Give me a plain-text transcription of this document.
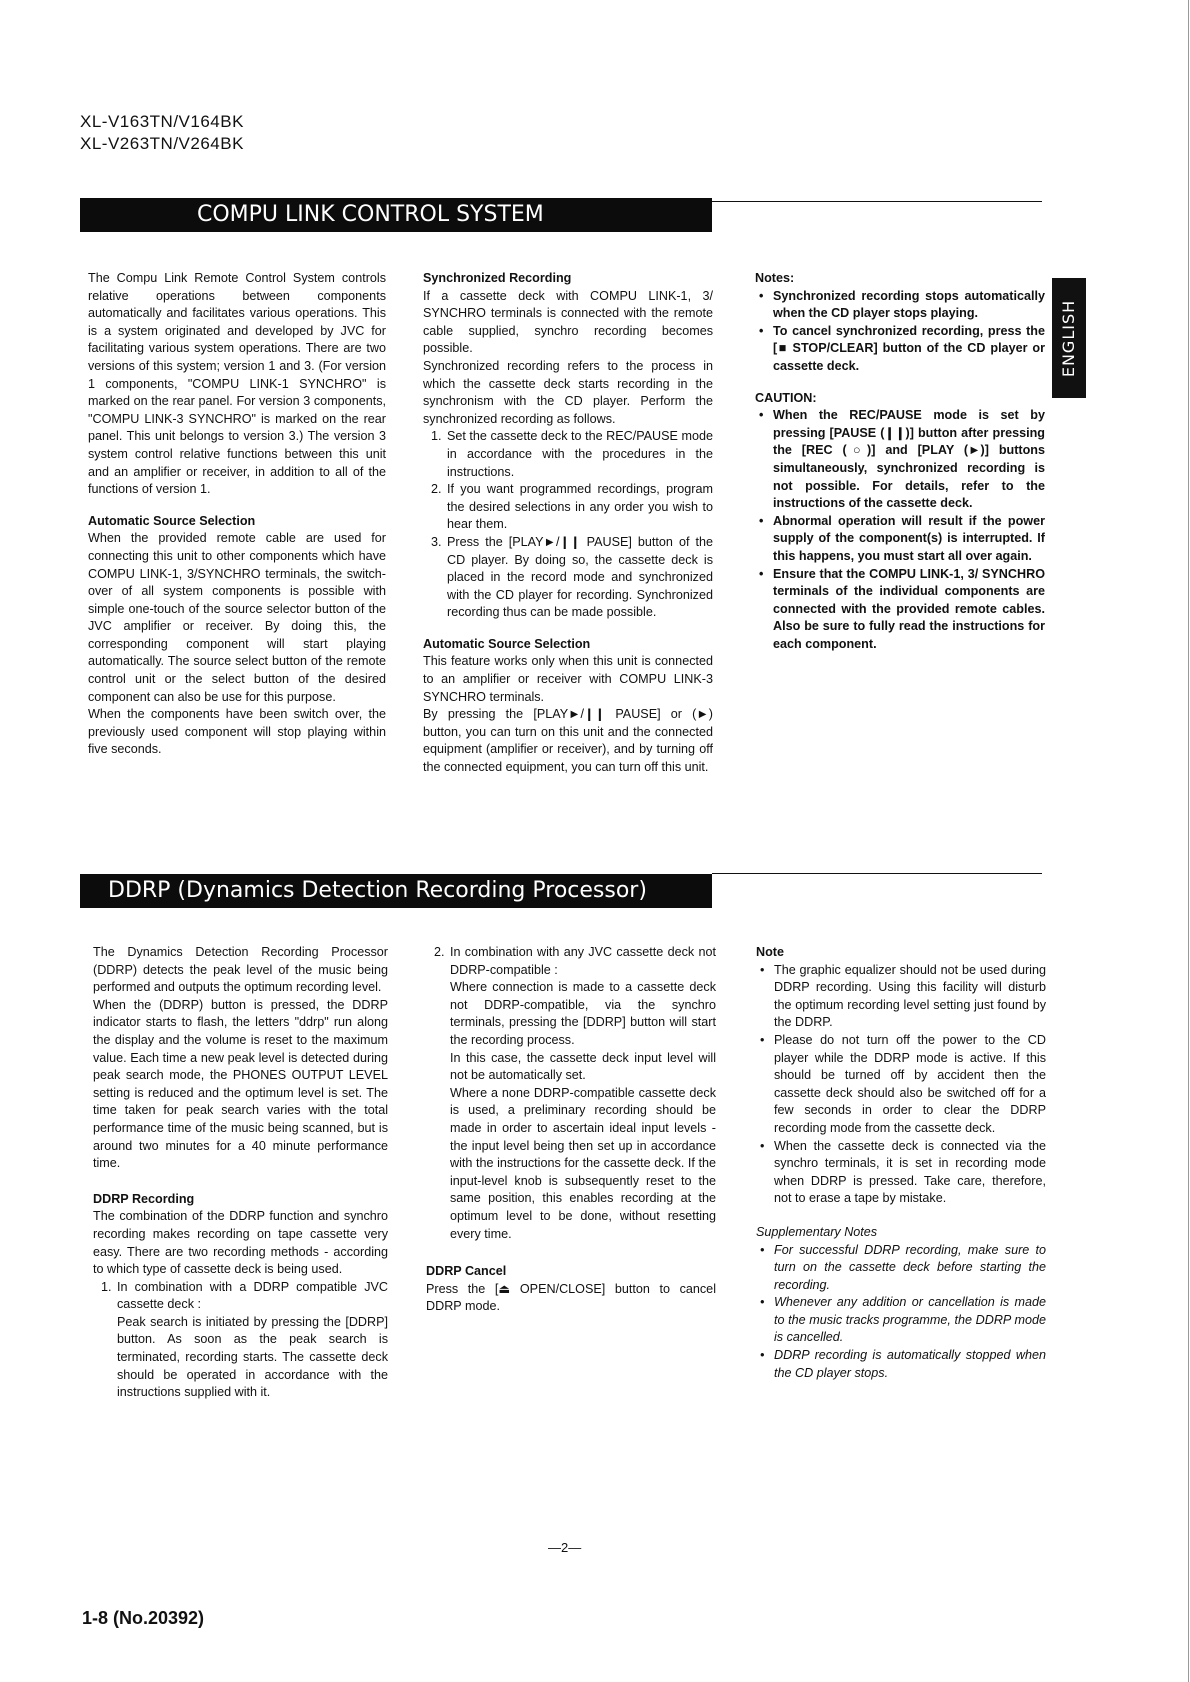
XL-V163TN/V164BK
XL-V263TN/V264BK
COMPU LINK CONTROL SYSTEM
ENGLISH

The Compu Link Remote Control System controls relative operations between components automatically and facilitates various operations. This is a system originated and developed by JVC for facilitating various system operations. There are two versions of this system; version 1 and 3. (For version 1 components, "COMPU LINK-1 SYNCHRO" is marked on the rear panel. For version 3 components, "COMPU LINK-3 SYNCHRO" is marked on the rear panel. This unit belongs to version 3.) The version 3 system control relative functions between this unit and an amplifier or receiver, in addition to all of the functions of version 1.

Automatic Source Selection

When the provided remote cable are used for connecting this unit to other components which have COMPU LINK-1, 3/SYNCHRO terminals, the switch-over of all system components is possible with simple one-touch of the source selector button of the JVC amplifier or receiver. By doing this, the corresponding component will start playing automatically. The source select button of the remote control unit or the select button of the desired component can also be use for this purpose.

When the components have been switch over, the previously used component will stop playing within five seconds.

Synchronized Recording

If a cassette deck with COMPU LINK-1, 3/ SYNCHRO terminals is connected with the remote cable supplied, synchro recording becomes possible.

Synchronized recording refers to the process in which the cassette deck starts recording in the synchronism with the CD player. Perform the synchronized recording as follows.

1. Set the cassette deck to the REC/PAUSE mode in accordance with the procedures in the instructions.
2. If you want programmed recordings, program the desired selections in any order you wish to hear them.
3. Press the [PLAY►/❙❙ PAUSE] button of the CD player. By doing so, the cassette deck is placed in the record mode and synchronized with the CD player for recording. Synchronized recording thus can be made possible.
Automatic Source Selection

This feature works only when this unit is connected to an amplifier or receiver with COMPU LINK-3 SYNCHRO terminals.

By pressing the [PLAY►/❙❙ PAUSE] or (►) button, you can turn on this unit and the connected equipment (amplifier or receiver), and by turning off the connected equipment, you can turn off this unit.

Notes:
• Synchronized recording stops automatically when the CD player stops playing.
• To cancel synchronized recording, press the [■ STOP/CLEAR] button of the CD player or cassette deck.
CAUTION:
• When the REC/PAUSE mode is set by pressing [PAUSE (❙❙)] button after pressing the [REC (○)] and [PLAY (►)] buttons simultaneously, synchronized recording is not possible. For details, refer to the instructions of the cassette deck.
• Abnormal operation will result if the power supply of the component(s) is interrupted. If this happens, you must start all over again.
• Ensure that the COMPU LINK-1, 3/ SYNCHRO terminals of the individual components are connected with the provided remote cables. Also be sure to fully read the instructions for each component.
DDRP (Dynamics Detection Recording Processor)

The Dynamics Detection Recording Processor (DDRP) detects the peak level of the music being performed and outputs the optimum recording level.

When the (DDRP) button is pressed, the DDRP indicator starts to flash, the letters "ddrp" run along the display and the volume is reset to the maximum value. Each time a new peak level is detected during peak search mode, the PHONES OUTPUT LEVEL setting is reduced and the optimum level is set. The time taken for peak search varies with the total performance time of the music being scanned, but is around two minutes for a 40 minute performance time.

DDRP Recording

The combination of the DDRP function and synchro recording makes recording on tape cassette very easy. There are two recording methods - according to which type of cassette deck is being used.

1. In combination with a DDRP compatible JVC cassette deck :
Peak search is initiated by pressing the [DDRP] button. As soon as the peak search is terminated, recording starts. The cassette deck should be operated in accordance with the instructions supplied with it.
2. In combination with any JVC cassette deck not DDRP-compatible :
Where connection is made to a cassette deck not DDRP-compatible, via the synchro terminals, pressing the [DDRP] button will start the recording process.
In this case, the cassette deck input level will not be automatically set.
Where a none DDRP-compatible cassette deck is used, a preliminary recording should be made in order to ascertain ideal input levels - the input level being then set up in accordance with the instructions for the cassette deck. If the input-level knob is subsequently reset to the same position, this enables recording at the optimum level to be done, without resetting every time.
DDRP Cancel

Press the [⏏ OPEN/CLOSE] button to cancel DDRP mode.

Note
• The graphic equalizer should not be used during DDRP recording. Using this facility will disturb the optimum recording level setting just found by the DDRP.
• Please do not turn off the power to the CD player while the DDRP mode is active. If this should be turned off by accident then the cassette deck should also be switched off for a few seconds in order to clear the DDRP recording mode from the cassette deck.
• When the cassette deck is connected via the synchro terminals, it is set in recording mode when DDRP is pressed. Take care, therefore, not to erase a tape by mistake.
Supplementary Notes
• For successful DDRP recording, make sure to turn on the cassette deck before starting the recording.
• Whenever any addition or cancellation is made to the music tracks programme, the DDRP mode is cancelled.
• DDRP recording is automatically stopped when the CD player stops.
—2—
1-8 (No.20392)
